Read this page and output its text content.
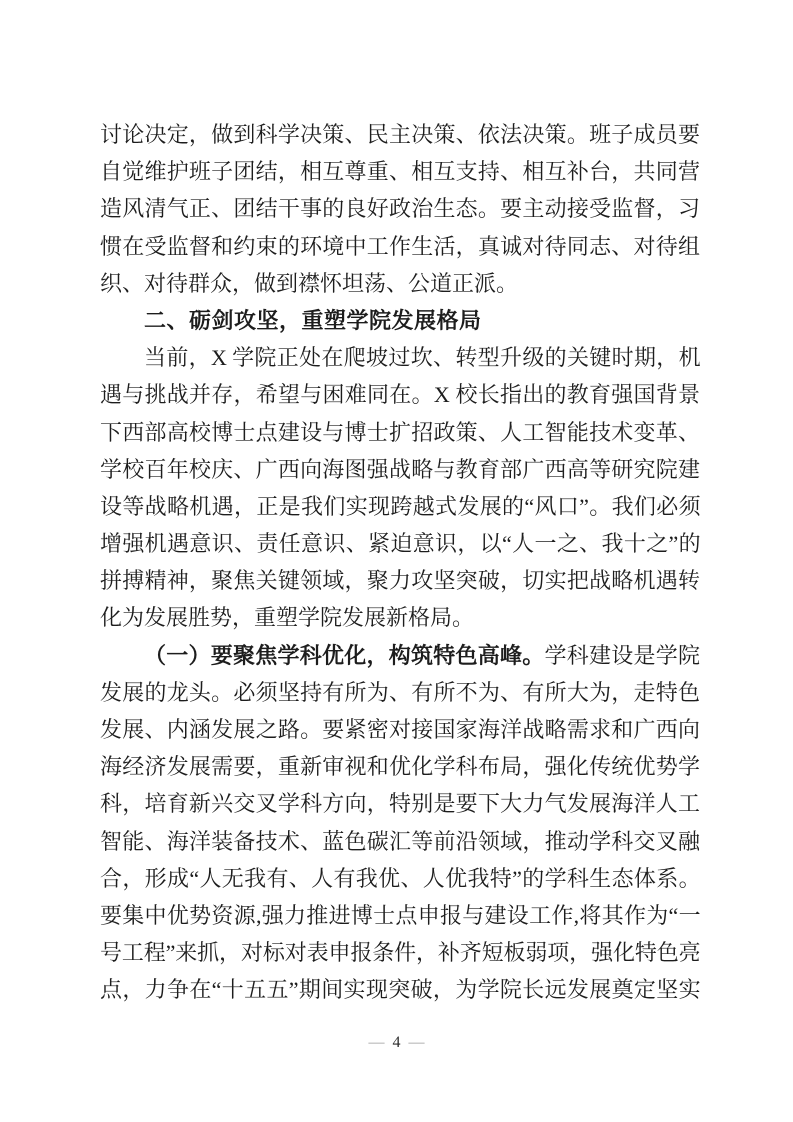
讨论决定，做到科学决策、民主决策、依法决策。班子成员要
自觉维护班子团结，相互尊重、相互支持、相互补台，共同营
造风清气正、团结干事的良好政治生态。要主动接受监督，习
惯在受监督和约束的环境中工作生活，真诚对待同志、对待组
织、对待群众，做到襟怀坦荡、公道正派。
二、砺剑攻坚，重塑学院发展格局
当前，X 学院正处在爬坡过坎、转型升级的关键时期，机
遇与挑战并存，希望与困难同在。X 校长指出的教育强国背景
下西部高校博士点建设与博士扩招政策、人工智能技术变革、
学校百年校庆、广西向海图强战略与教育部广西高等研究院建
设等战略机遇，正是我们实现跨越式发展的“风口”。我们必须
增强机遇意识、责任意识、紧迫意识，以“人一之、我十之”的
拼搏精神，聚焦关键领域，聚力攻坚突破，切实把战略机遇转
化为发展胜势，重塑学院发展新格局。
（一）要聚焦学科优化，构筑特色高峰。学科建设是学院
发展的龙头。必须坚持有所为、有所不为、有所大为，走特色
发展、内涵发展之路。要紧密对接国家海洋战略需求和广西向
海经济发展需要，重新审视和优化学科布局，强化传统优势学
科，培育新兴交叉学科方向，特别是要下大力气发展海洋人工
智能、海洋装备技术、蓝色碳汇等前沿领域，推动学科交叉融
合，形成“人无我有、人有我优、人优我特”的学科生态体系。
要集中优势资源,强力推进博士点申报与建设工作,将其作为“一
号工程”来抓，对标对表申报条件，补齐短板弱项，强化特色亮
点，力争在“十五五”期间实现突破，为学院长远发展奠定坚实
— 4 —
